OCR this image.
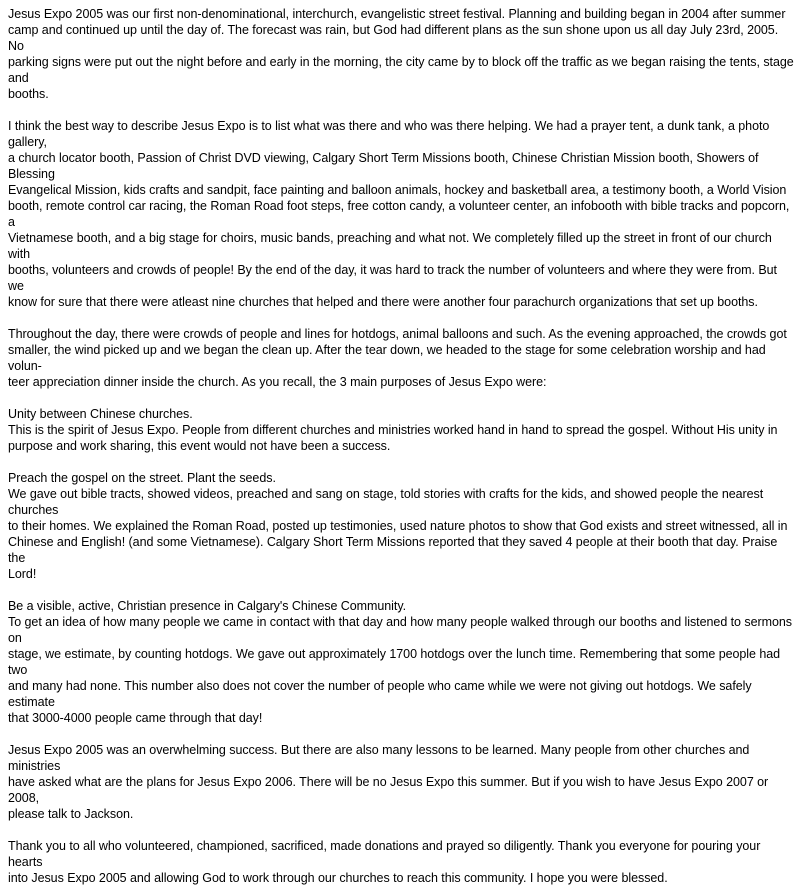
Jesus Expo 2005 was our first non-denominational, interchurch, evangelistic street festival. Planning and building began in 2004 after summer
camp and continued up until the day of. The forecast was rain, but God had different plans as the sun shone upon us all day July 23rd, 2005. No
parking signs were put out the night before and early in the morning, the city came by to block off the traffic as we began raising the tents, stage and
booths.

I think the best way to describe Jesus Expo is to list what was there and who was there helping. We had a prayer tent, a dunk tank, a photo gallery,
a church locator booth, Passion of Christ DVD viewing, Calgary Short Term Missions booth, Chinese Christian Mission booth, Showers of Blessing
Evangelical Mission, kids crafts and sandpit, face painting and balloon animals, hockey and basketball area, a testimony booth, a World Vision
booth, remote control car racing, the Roman Road foot steps, free cotton candy, a volunteer center, an infobooth with bible tracks and popcorn, a
Vietnamese booth, and a big stage for choirs, music bands, preaching and what not. We completely filled up the street in front of our church with
booths, volunteers and crowds of people! By the end of the day, it was hard to track the number of volunteers and where they were from. But we
know for sure that there were atleast nine churches that helped and there were another four parachurch organizations that set up booths.

Throughout the day, there were crowds of people and lines for hotdogs, animal balloons and such. As the evening approached, the crowds got
smaller, the wind picked up and we began the clean up. After the tear down, we headed to the stage for some celebration worship and had volun-
teer appreciation dinner inside the church. As you recall, the 3 main purposes of Jesus Expo were:

Unity between Chinese churches.
This is the spirit of Jesus Expo. People from different churches and ministries worked hand in hand to spread the gospel. Without His unity in
purpose and work sharing, this event would not have been a success.

Preach the gospel on the street. Plant the seeds.
We gave out bible tracts, showed videos, preached and sang on stage, told stories with crafts for the kids, and showed people the nearest churches
to their homes. We explained the Roman Road, posted up testimonies, used nature photos to show that God exists and street witnessed, all in
Chinese and English! (and some Vietnamese). Calgary Short Term Missions reported that they saved 4 people at their booth that day. Praise the
Lord!

Be a visible, active, Christian presence in Calgary's Chinese Community.
To get an idea of how many people we came in contact with that day and how many people walked through our booths and listened to sermons on
stage, we estimate, by counting hotdogs. We gave out approximately 1700 hotdogs over the lunch time. Remembering that some people had two
and many had none. This number also does not cover the number of people who came while we were not giving out hotdogs. We safely estimate
that 3000-4000 people came through that day!

Jesus Expo 2005 was an overwhelming success. But there are also many lessons to be learned. Many people from other churches and ministries
have asked what are the plans for Jesus Expo 2006. There will be no Jesus Expo this summer. But if you wish to have Jesus Expo 2007 or 2008,
please talk to Jackson.

Thank you to all who volunteered, championed, sacrificed, made donations and prayed so diligently. Thank you everyone for pouring your hearts
into Jesus Expo 2005 and allowing God to work through our churches to reach this community. I hope you were blessed.
